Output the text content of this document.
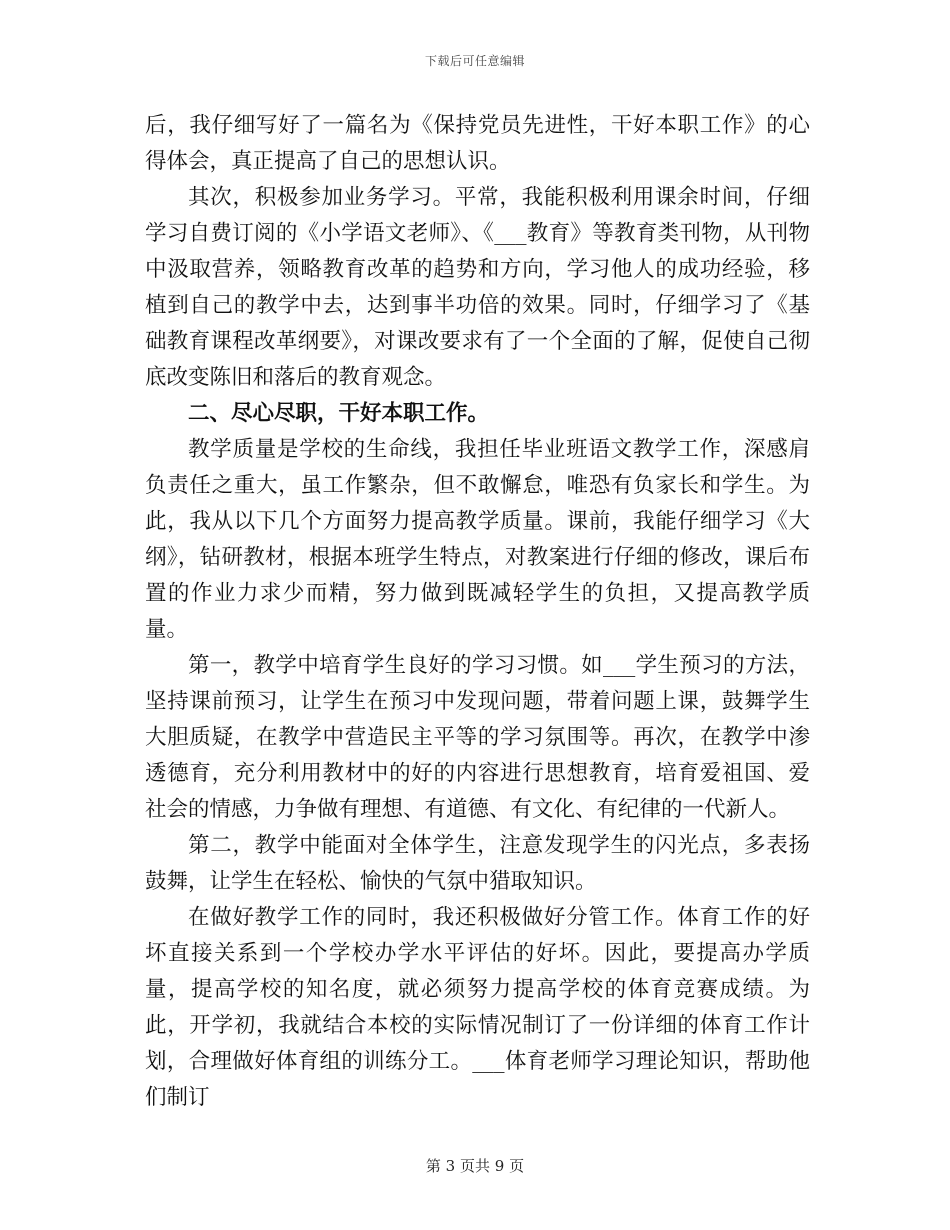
下载后可任意编辑

后，我仔细写好了一篇名为《保持党员先进性，干好本职工作》的心得体会，真正提高了自己的思想认识。

其次，积极参加业务学习。平常，我能积极利用课余时间，仔细学习自费订阅的《小学语文老师》、《___教育》等教育类刊物，从刊物中汲取营养，领略教育改革的趋势和方向，学习他人的成功经验，移植到自己的教学中去，达到事半功倍的效果。同时，仔细学习了《基础教育课程改革纲要》，对课改要求有了一个全面的了解，促使自己彻底改变陈旧和落后的教育观念。

二、尽心尽职，干好本职工作。

教学质量是学校的生命线，我担任毕业班语文教学工作，深感肩负责任之重大，虽工作繁杂，但不敢懈怠，唯恐有负家长和学生。为此，我从以下几个方面努力提高教学质量。课前，我能仔细学习《大纲》，钻研教材，根据本班学生特点，对教案进行仔细的修改，课后布置的作业力求少而精，努力做到既减轻学生的负担，又提高教学质量。

第一，教学中培育学生良好的学习习惯。如___学生预习的方法，坚持课前预习，让学生在预习中发现问题，带着问题上课，鼓舞学生大胆质疑，在教学中营造民主平等的学习氛围等。再次，在教学中渗透德育，充分利用教材中的好的内容进行思想教育，培育爱祖国、爱社会的情感，力争做有理想、有道德、有文化、有纪律的一代新人。

第二，教学中能面对全体学生，注意发现学生的闪光点，多表扬鼓舞，让学生在轻松、愉快的气氛中猎取知识。

在做好教学工作的同时，我还积极做好分管工作。体育工作的好坏直接关系到一个学校办学水平评估的好坏。因此，要提高办学质量，提高学校的知名度，就必须努力提高学校的体育竞赛成绩。为此，开学初，我就结合本校的实际情况制订了一份详细的体育工作计划，合理做好体育组的训练分工。___体育老师学习理论知识，帮助他们制订

第 3 页共 9 页
